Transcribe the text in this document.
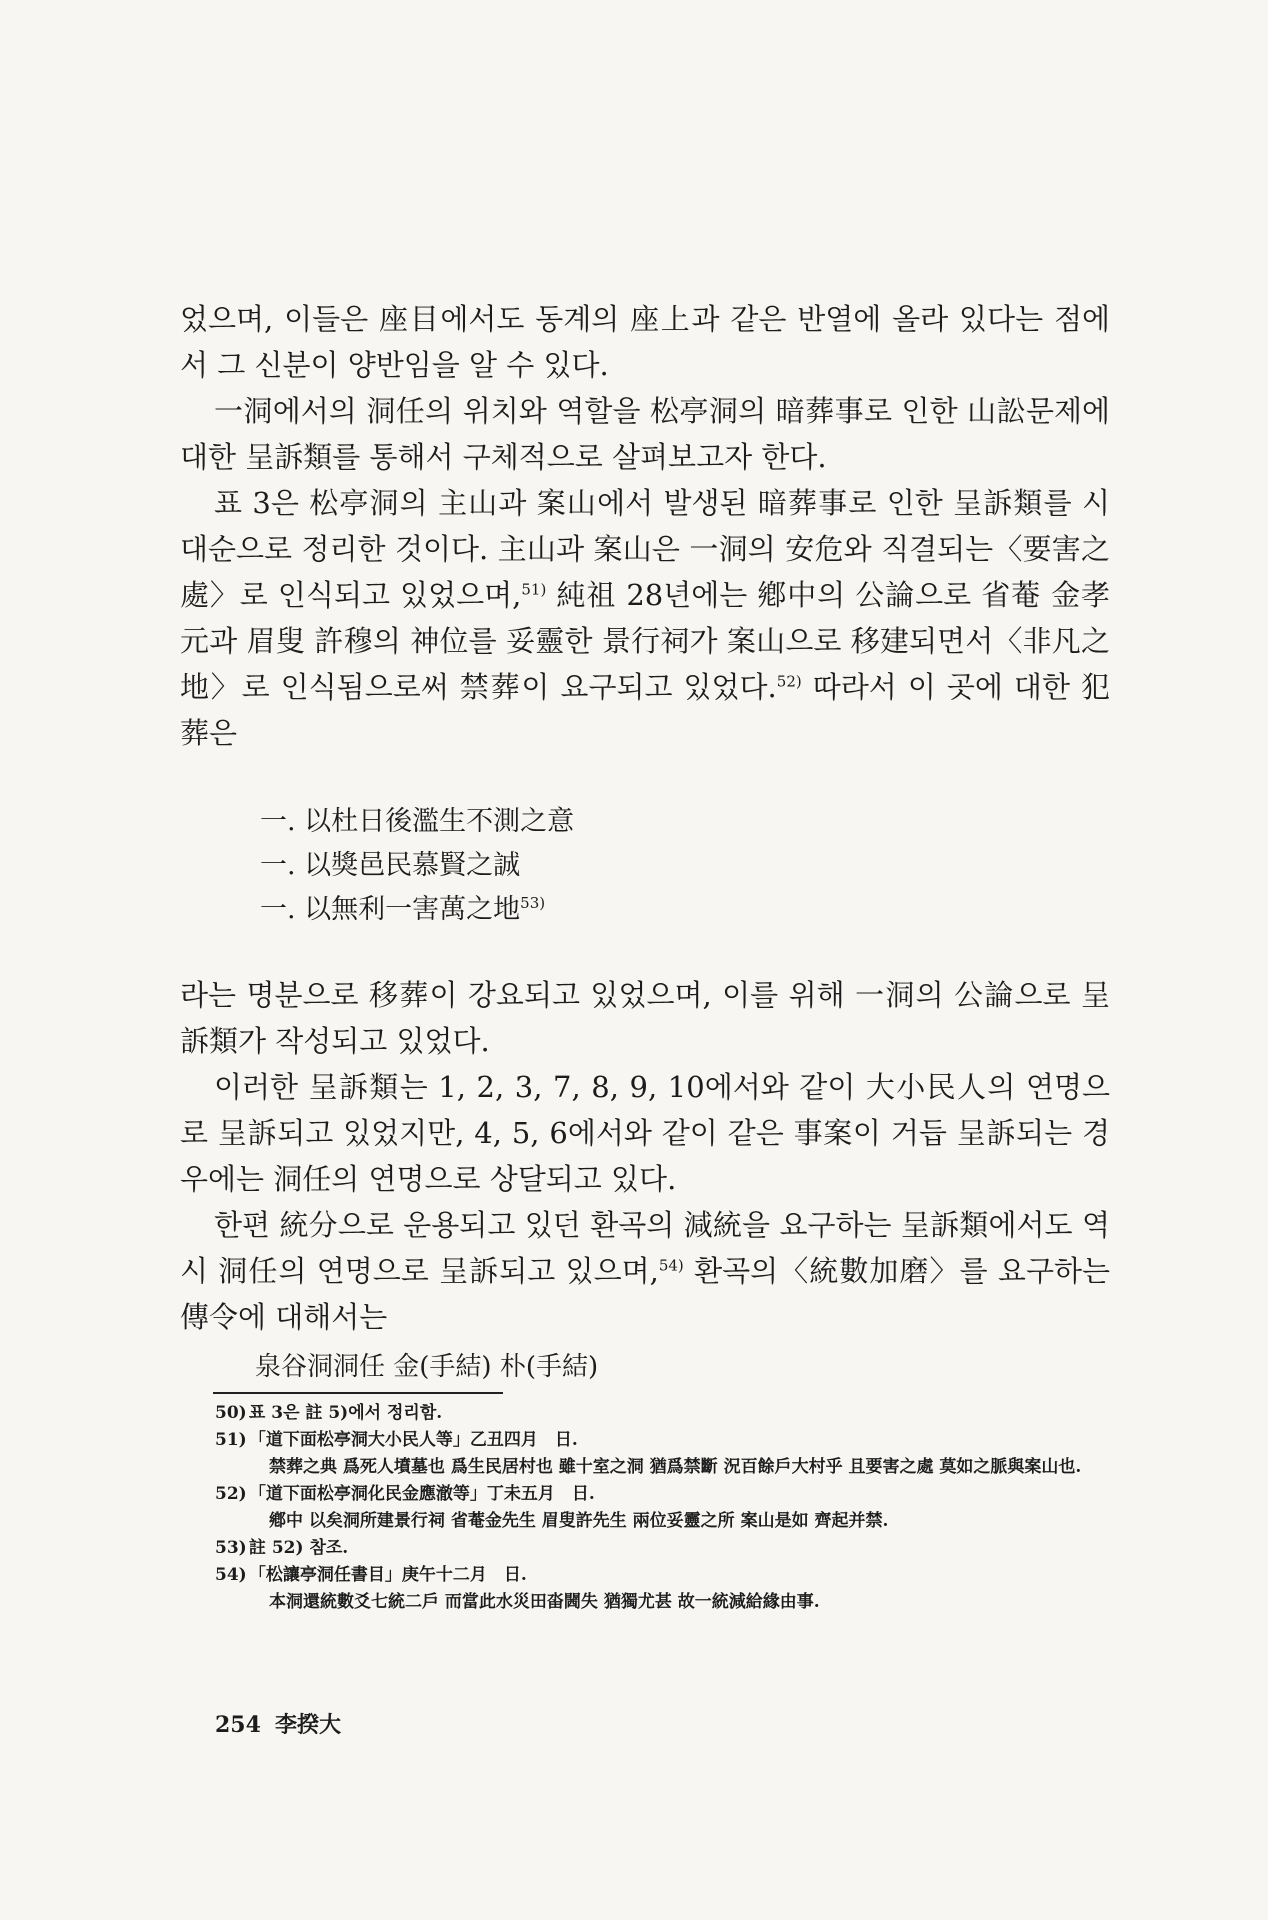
었으며, 이들은 座目에서도 동계의 座上과 같은 반열에 올라 있다는 점에서 그 신분이 양반임을 알 수 있다.

一洞에서의 洞任의 위치와 역할을 松亭洞의 暗葬事로 인한 山訟문제에 대한 呈訴類를 통해서 구체적으로 살펴보고자 한다.

표 3은 松亭洞의 主山과 案山에서 발생된 暗葬事로 인한 呈訴類를 시대순으로 정리한 것이다. 主山과 案山은 一洞의 安危와 직결되는〈要害之處〉로 인식되고 있었으며,$^{51)}$ 純祖 28년에는 鄕中의 公論으로 省菴 金孝元과 眉叟 許穆의 神位를 妥靈한 景行祠가 案山으로 移建되면서〈非凡之地〉로 인식됨으로써 禁葬이 요구되고 있었다.$^{52)}$ 따라서 이 곳에 대한 犯葬은

一. 以杜日後濫生不測之意
一. 以獎邑民慕賢之誠
一. 以無利一害萬之地$^{53)}$

라는 명분으로 移葬이 강요되고 있었으며, 이를 위해 一洞의 公論으로 呈訴類가 작성되고 있었다.

이러한 呈訴類는 1, 2, 3, 7, 8, 9, 10에서와 같이 大小民人의 연명으로 呈訴되고 있었지만, 4, 5, 6에서와 같이 같은 事案이 거듭 呈訴되는 경우에는 洞任의 연명으로 상달되고 있다.

한편 統分으로 운용되고 있던 환곡의 減統을 요구하는 呈訴類에서도 역시 洞任의 연명으로 呈訴되고 있으며,$^{54)}$ 환곡의〈統數加磨〉를 요구하는 傳令에 대해서는

泉谷洞洞任 金(手結) 朴(手結)
50) 표 3은 註 5)에서 정리함.
51) 「道下面松亭洞大小民人等」乙丑四月　日.
禁葬之典 爲死人墳墓也 爲生民居村也 雖十室之洞 猶爲禁斷 況百餘戶大村乎 且要害之處 莫如之脈與案山也.
52) 「道下面松亭洞化民金應澈等」丁未五月　日.
鄕中 以矣洞所建景行祠 省菴金先生 眉叟許先生 兩位妥靈之所 案山是如 齊起并禁.
53) 註 52) 참조.
54) 「松讓亭洞任書目」庚午十二月　日.
本洞還統數爻七統二戶 而當此水災田畓閪失 猶獨尤甚 故一統減給緣由事.
254 李揆大
